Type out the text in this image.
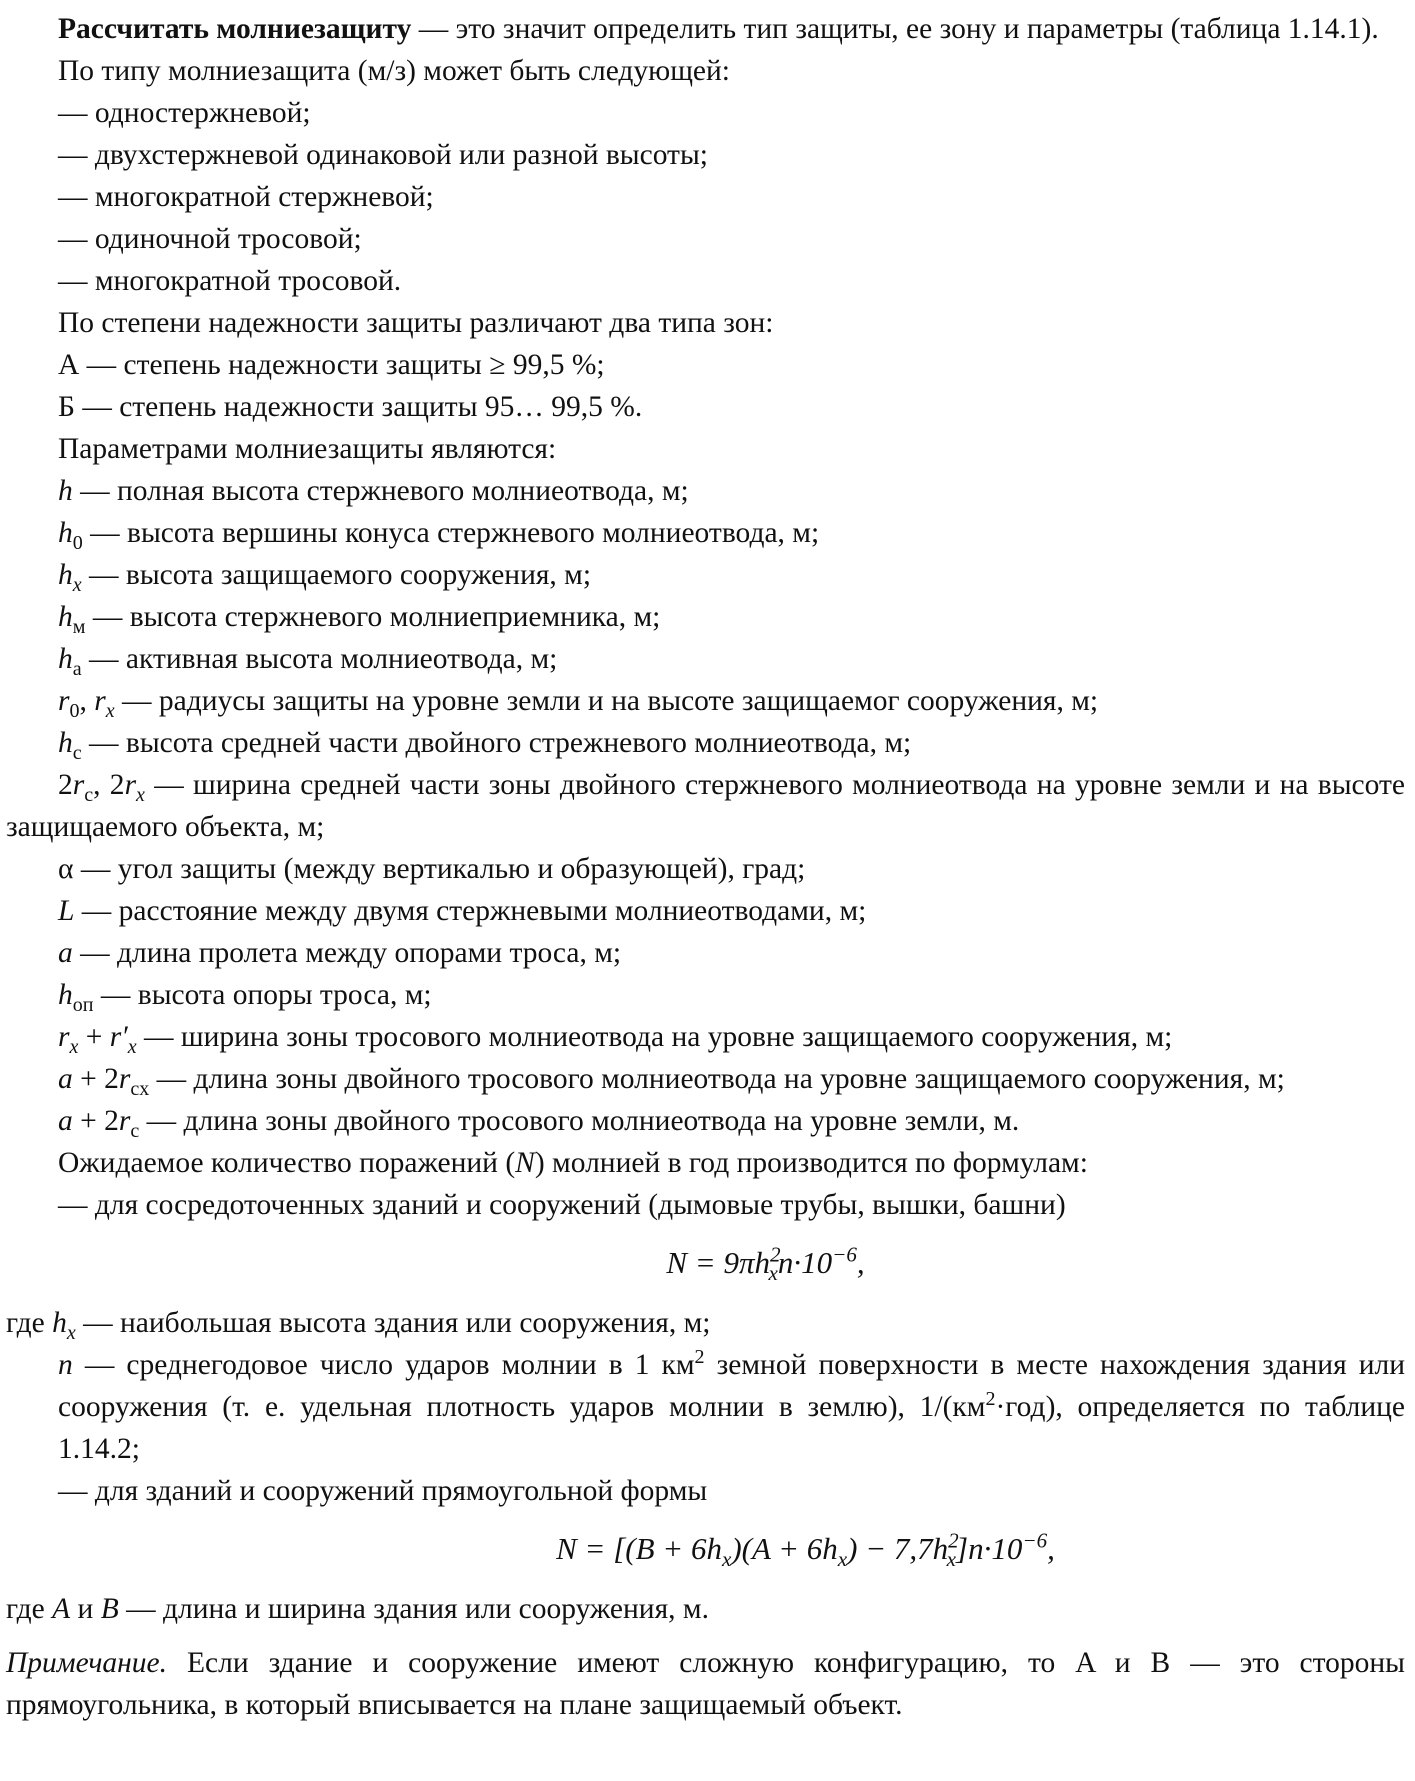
Рассчитать молниезащиту — это значит определить тип защиты, ее зону и параметры (таблица 1.14.1).

По типу молниезащита (м/з) может быть следующей:

— одностержневой;

— двухстержневой одинаковой или разной высоты;

— многократной стержневой;

— одиночной тросовой;

— многократной тросовой.

По степени надежности защиты различают два типа зон:

А — степень надежности защиты ≥ 99,5 %;

Б — степень надежности защиты 95… 99,5 %.

Параметрами молниезащиты являются:

h — полная высота стержневого молниеотвода, м;

$h_0$ — высота вершины конуса стержневого молниеотвода, м;

$h_x$ — высота защищаемого сооружения, м;

$h_м$ — высота стержневого молниеприемника, м;

$h_а$ — активная высота молниеотвода, м;

$r_0$, $r_x$ — радиусы защиты на уровне земли и на высоте защищаемог сооружения, м;

$h_с$ — высота средней части двойного стрежневого молниеотвода, м;

$2r_с$, $2r_x$ — ширина средней части зоны двойного стержневого молниеотвода на уровне земли и на высоте защищаемого объекта, м;

α — угол защиты (между вертикалью и образующей), град;

L — расстояние между двумя стержневыми молниеотводами, м;

a — длина пролета между опорами троса, м;

$h_{оп}$ — высота опоры троса, м;

$r_x + r'_x$ — ширина зоны тросового молниеотвода на уровне защищаемого сооружения, м;

$a + 2r_{сx}$ — длина зоны двойного тросового молниеотвода на уровне защищаемого сооружения, м;

$a + 2r_с$ — длина зоны двойного тросового молниеотвода на уровне земли, м.

Ожидаемое количество поражений (N) молнией в год производится по формулам:

— для сосредоточенных зданий и сооружений (дымовые трубы, вышки, башни)

$N = 9\pi h^2_xn\cdot 10^{-6}$,

где $h_x$ — наибольшая высота здания или сооружения, м;

n — среднегодовое число ударов молнии в 1 $км^2$ земной поверхности в месте нахождения здания или сооружения (т. е. удельная плотность ударов молнии в землю), $1/(км^2\cdot год)$, определяется по таблице 1.14.2;

— для зданий и сооружений прямоугольной формы

$N = [(B + 6h_x)(A + 6h_x) - 7,7h^2_x]n\cdot 10^{-6}$,

где A и B — длина и ширина здания или сооружения, м.

Примечание. Если здание и сооружение имеют сложную конфигурацию, то A и B — это стороны прямоугольника, в который вписывается на плане защищаемый объект.
